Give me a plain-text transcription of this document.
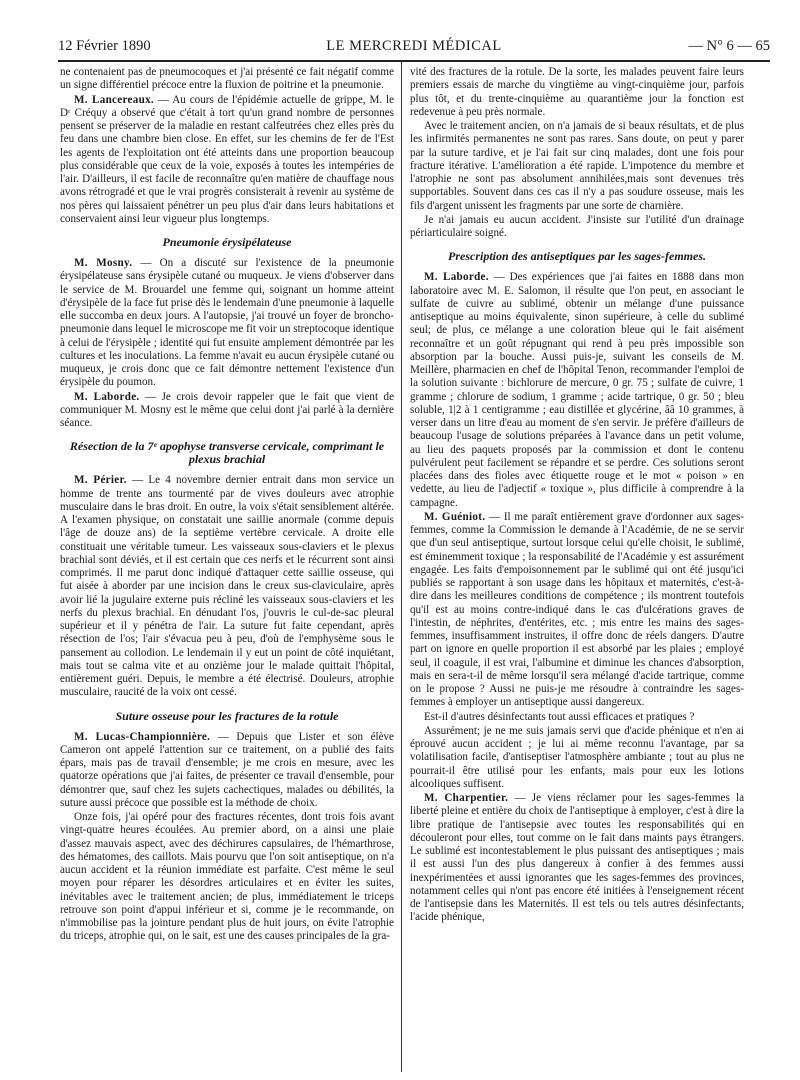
12 Février 1890	LE MERCREDI MÉDICAL	— N° 6 — 65

ne contenaient pas de pneumocoques et j'ai présenté ce fait négatif comme un signe différentiel précoce entre la fluxion de poitrine et la pneumonie.

M. Lancereaux. — Au cours de l'épidémie actuelle de grippe, M. le Dʳ Créquy a observé que c'était à tort qu'un grand nombre de personnes pensent se préserver de la maladie en restant calfeutrées chez elles près du feu dans une chambre bien close. En effet, sur les chemins de fer de l'Est les agents de l'exploitation ont été atteints dans une proportion beaucoup plus considérable que ceux de la voie, exposés à toutes les intempéries de l'air. D'ailleurs, il est facile de reconnaître qu'en matière de chauffage nous avons rétrogradé et que le vrai progrès consisterait à revenir au système de nos pères qui laissaient pénétrer un peu plus d'air dans leurs habitations et conservaient ainsi leur vigueur plus longtemps.

Pneumonie érysipélateuse

M. Mosny. — On a discuté sur l'existence de la pneumonie érysipélateuse sans érysipèle cutané ou muqueux. Je viens d'observer dans le service de M. Brouardel une femme qui, soignant un homme atteint d'érysipèle de la face fut prise dès le lendemain d'une pneumonie à laquelle elle succomba en deux jours. A l'autopsie, j'ai trouvé un foyer de broncho-pneumonie dans lequel le microscope me fit voir un streptocoque identique à celui de l'érysipèle ; identité qui fut ensuite amplement démontrée par les cultures et les inoculations. La femme n'avait eu aucun érysipèle cutané ou muqueux, je crois donc que ce fait démontre nettement l'existence d'un érysipèle du poumon.

M. Laborde. — Je crois devoir rappeler que le fait que vient de communiquer M. Mosny est le même que celui dont j'ai parlé à la dernière séance.

Résection de la 7ᵉ apophyse transverse cervicale, comprimant le plexus brachial

M. Périer. — Le 4 novembre dernier entrait dans mon service un homme de trente ans tourmenté par de vives douleurs avec atrophie musculaire dans le bras droit. En outre, la voix s'était sensiblement altérée. A l'examen physique, on constatait une saillie anormale (comme depuis l'âge de douze ans) de la septième vertèbre cervicale. A droite elle constituait une véritable tumeur. Les vaisseaux sous-claviers et le plexus brachial sont déviés, et il est certain que ces nerfs et le récurrent sont ainsi comprimés. Il me parut donc indiqué d'attaquer cette saillie osseuse, qui fut aisée à aborder par une incision dans le creux sus-claviculaire, après avoir lié la jugulaire externe puis récliné les vaisseaux sous-claviers et les nerfs du plexus brachial. En dénudant l'os, j'ouvris le cul-de-sac pleural supérieur et il y pénétra de l'air. La suture fut faite cependant, après résection de l'os; l'air s'évacua peu à peu, d'où de l'emphysème sous le pansement au collodion. Le lendemain il y eut un point de côté inquiétant, mais tout se calma vite et au onzième jour le malade quittait l'hôpital, entièrement guéri. Depuis, le membre a été électrisé. Douleurs, atrophie musculaire, raucité de la voix ont cessé.

Suture osseuse pour les fractures de la rotule

M. Lucas-Championnière. — Depuis que Lister et son élève Cameron ont appelé l'attention sur ce traitement, on a publié des faits épars, mais pas de travail d'ensemble; je me crois en mesure, avec les quatorze opérations que j'ai faites, de présenter ce travail d'ensemble, pour démontrer que, sauf chez les sujets cachectiques, malades ou débilités, la suture aussi précoce que possible est la méthode de choix.

Onze fois, j'ai opéré pour des fractures récentes, dont trois fois avant vingt-quatre heures écoulées. Au premier abord, on a ainsi une plaie d'assez mauvais aspect, avec des déchirures capsulaires, de l'hémarthrose, des hématomes, des caillots. Mais pourvu que l'on soit antiseptique, on n'a aucun accident et la réunion immédiate est parfaite. C'est même le seul moyen pour réparer les désordres articulaires et en éviter les suites, inévitables avec le traitement ancien; de plus, immédiatement le triceps retrouve son point d'appui inférieur et si, comme je le recommande, on n'immobilise pas la jointure pendant plus de huit jours, on évite l'atrophie du triceps, atrophie qui, on le sait, est une des causes principales de la gra-

vité des fractures de la rotule. De la sorte, les malades peuvent faire leurs premiers essais de marche du vingtième au vingt-cinquième jour, parfois plus tôt, et du trente-cinquième au quarantième jour la fonction est redevenue à peu près normale.

Avec le traitement ancien, on n'a jamais de si beaux résultats, et de plus les infirmités permanentes ne sont pas rares. Sans doute, on peut y parer par la suture tardive, et je l'ai fait sur cinq malades, dont une fois pour fracture itérative. L'amélioration a été rapide. L'impotence du membre et l'atrophie ne sont pas absolument annihilées,mais sont devenues très supportables. Souvent dans ces cas il n'y a pas soudure osseuse, mais les fils d'argent unissent les fragments par une sorte de charnière.

Je n'ai jamais eu aucun accident. J'insiste sur l'utilité d'un drainage périarticulaire soigné.

Prescription des antiseptiques par les sages-femmes.

M. Laborde. — Des expériences que j'ai faites en 1888 dans mon laboratoire avec M. E. Salomon, il résulte que l'on peut, en associant le sulfate de cuivre au sublimé, obtenir un mélange d'une puissance antiseptique au moins équivalente, sinon supérieure, à celle du sublimé seul; de plus, ce mélange a une coloration bleue qui le fait aisément reconnaître et un goût répugnant qui rend à peu près impossible son absorption par la bouche. Aussi puis-je, suivant les conseils de M. Meillère, pharmacien en chef de l'hôpital Tenon, recommander l'emploi de la solution suivante : bichlorure de mercure, 0 gr. 75 ; sulfate de cuivre, 1 gramme ; chlorure de sodium, 1 gramme ; acide tartrique, 0 gr. 50 ; bleu soluble, 1|2 à 1 centigramme ; eau distillée et glycérine, ââ 10 grammes, à verser dans un litre d'eau au moment de s'en servir. Je préfère d'ailleurs de beaucoup l'usage de solutions préparées à l'avance dans un petit volume, au lieu des paquets proposés par la commission et dont le contenu pulvérulent peut facilement se répandre et se perdre. Ces solutions seront placées dans des fioles avec étiquette rouge et le mot « poison » en vedette, au lieu de l'adjectif « toxique », plus difficile à comprendre à la campagne.

M. Guéniot. — Il me paraît entièrement grave d'ordonner aux sages-femmes, comme la Commission le demande à l'Académie, de ne se servir que d'un seul antiseptique, surtout lorsque celui qu'elle choisit, le sublimé, est éminemment toxique ; la responsabilité de l'Académie y est assurément engagée. Les faits d'empoisonnement par le sublimé qui ont été jusqu'ici publiés se rapportant à son usage dans les hôpitaux et maternités, c'est-à-dire dans les meilleures conditions de compétence ; ils montrent toutefois qu'il est au moins contre-indiqué dans le cas d'ulcérations graves de l'intestin, de néphrites, d'entérites, etc. ; mis entre les mains des sages-femmes, insuffisamment instruites, il offre donc de réels dangers. D'autre part on ignore en quelle proportion il est absorbé par les plaies ; employé seul, il coagule, il est vrai, l'albumine et diminue les chances d'absorption, mais en sera-t-il de même lorsqu'il sera mélangé d'acide tartrique, comme on le propose ? Aussi ne puis-je me résoudre à contraindre les sages-femmes à employer un antiseptique aussi dangereux.

Est-il d'autres désinfectants tout aussi efficaces et pratiques ?

Assurément; je ne me suis jamais servi que d'acide phénique et n'en ai éprouvé aucun accident ; je lui ai même reconnu l'avantage, par sa volatilisation facile, d'antiseptiser l'atmosphère ambiante ; tout au plus ne pourrait-il être utilisé pour les enfants, mais pour eux les lotions alcooliques suffisent.

M. Charpentier. — Je viens réclamer pour les sages-femmes la liberté pleine et entière du choix de l'antiseptique à employer, c'est à dire la libre pratique de l'antisepsie avec toutes les responsabilités qui en découleront pour elles, tout comme on le fait dans maints pays étrangers. Le sublimé est incontestablement le plus puissant des antiseptiques ; mais il est aussi l'un des plus dangereux à confier à des femmes aussi inexpérimentées et aussi ignorantes que les sages-femmes des provinces, notamment celles qui n'ont pas encore été initiées à l'enseignement récent de l'antisepsie dans les Maternités. Il est tels ou tels autres désinfectants, l'acide phénique,
